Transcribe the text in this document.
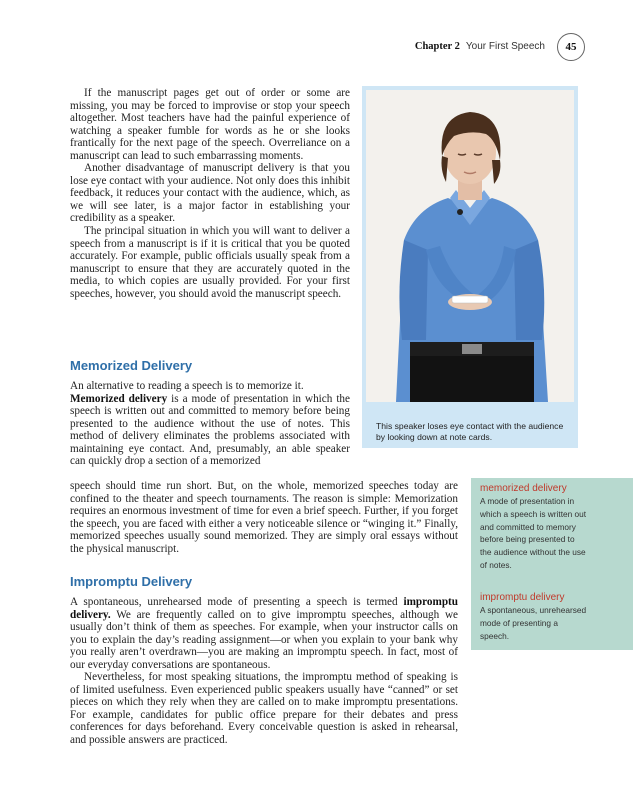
Chapter 2 Your First Speech	45

If the manuscript pages get out of order or some are missing, you may be forced to improvise or stop your speech altogether. Most teachers have had the painful experience of watching a speaker fumble for words as he or she looks frantically for the next page of the speech. Overreliance on a manuscript can lead to such embarrassing moments.

Another disadvantage of manuscript delivery is that you lose eye contact with your audience. Not only does this inhibit feedback, it reduces your contact with the audience, which, as we will see later, is a major factor in establishing your credibility as a speaker.

The principal situation in which you will want to deliver a speech from a manuscript is if it is critical that you be quoted accurately. For example, public officials usually speak from a manuscript to ensure that they are accurately quoted in the media, to which copies are usually provided. For your first speeches, however, you should avoid the manuscript speech.

Memorized Delivery

An alternative to reading a speech is to memorize it.

Memorized delivery is a mode of presentation in which the speech is written out and committed to memory before being presented to the audience without the use of notes. This method of delivery eliminates the problems associated with maintaining eye contact. And, presumably, an able speaker can quickly drop a section of a memorized

speech should time run short. But, on the whole, memorized speeches today are confined to the theater and speech tournaments. The reason is simple: Memorization requires an enormous investment of time for even a brief speech. Further, if you forget the speech, you are faced with either a very noticeable silence or “winging it.” Finally, memorized speeches usually sound memorized. They are simply oral essays without the physical manuscript.

Impromptu Delivery

A spontaneous, unrehearsed mode of presenting a speech is termed impromptu delivery. We are frequently called on to give impromptu speeches, although we usually don’t think of them as speeches. For example, when your instructor calls on you to explain the day’s reading assignment—or when you explain to your bank why you really aren’t overdrawn—you are making an impromptu speech. In fact, most of our everyday conversations are spontaneous.

Nevertheless, for most speaking situations, the impromptu method of speaking is of limited usefulness. Even experienced public speakers usually have “canned” or set pieces on which they rely when they are called on to make impromptu presentations. For example, candidates for public office prepare for their debates and press conferences for days beforehand. Every conceivable question is asked in rehearsal, and possible answers are practiced.

This speaker loses eye contact with the audience by looking down at note cards.
memorized delivery
A mode of presentation in which a speech is written out and committed to memory before being presented to the audience without the use of notes.
impromptu delivery
A spontaneous, unrehearsed mode of presenting a speech.
